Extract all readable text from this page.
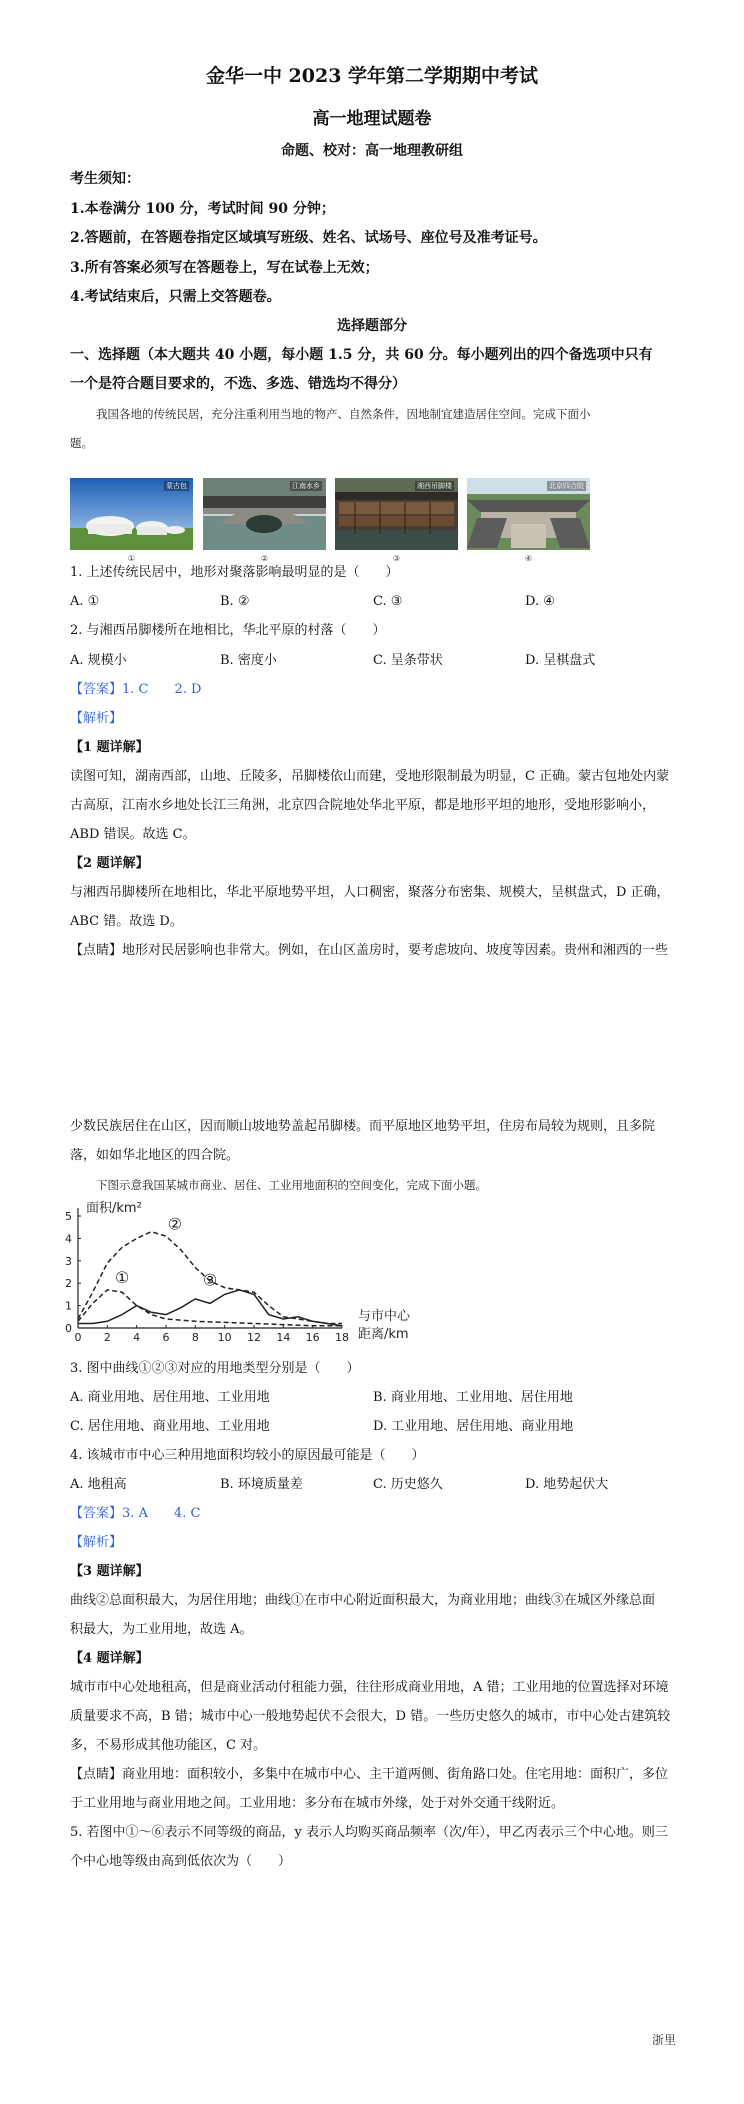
金华一中 2023 学年第二学期期中考试
高一地理试题卷
命题、校对：高一地理教研组
考生须知：
1.本卷满分 100 分，考试时间 90 分钟；
2.答题前，在答题卷指定区域填写班级、姓名、试场号、座位号及准考证号。
3.所有答案必须写在答题卷上，写在试卷上无效；
4.考试结束后，只需上交答题卷。
选择题部分
一、选择题（本大题共 40 小题，每小题 1.5 分，共 60 分。每小题列出的四个备选项中只有
一个是符合题目要求的，不选、多选、错选均不得分）
我国各地的传统民居，充分注重利用当地的物产、自然条件，因地制宜建造居住空间。完成下面小
题。
蒙古包
①
江南水乡
②
湘西吊脚楼
③
北京四合院
④
1. 上述传统民居中，地形对聚落影响最明显的是（　　）
A. ①	B. ②	C. ③	D. ④
2. 与湘西吊脚楼所在地相比，华北平原的村落（　　）
A. 规模小	B. 密度小	C. 呈条带状	D. 呈棋盘式
【答案】1. C　　2. D
【解析】
【1 题详解】
读图可知，湖南西部，山地、丘陵多，吊脚楼依山而建，受地形限制最为明显，C 正确。蒙古包地处内蒙
古高原，江南水乡地处长江三角洲，北京四合院地处华北平原，都是地形平坦的地形，受地形影响小，
ABD 错误。故选 C。
【2 题详解】
与湘西吊脚楼所在地相比，华北平原地势平坦，人口稠密，聚落分布密集、规模大，呈棋盘式，D 正确，
ABC 错。故选 D。
【点睛】地形对民居影响也非常大。例如，在山区盖房时，要考虑坡向、坡度等因素。贵州和湘西的一些
少数民族居住在山区，因而顺山坡地势盖起吊脚楼。而平原地区地势平坦，住房布局较为规则，且多院
落，如如华北地区的四合院。
下图示意我国某城市商业、居住、工业用地面积的空间变化，完成下面小题。
0 2 4 6 8 10 12 14 16 18
0
1
2
3
4
5
①
②
③
面积/km²
与市中心
距离/km
3. 图中曲线①②③对应的用地类型分别是（　　）
A. 商业用地、居住用地、工业用地	B. 商业用地、工业用地、居住用地
C. 居住用地、商业用地、工业用地	D. 工业用地、居住用地、商业用地
4. 该城市市中心三种用地面积均较小的原因最可能是（　　）
A. 地租高	B. 环境质量差	C. 历史悠久	D. 地势起伏大
【答案】3. A　　4. C
【解析】
【3 题详解】
曲线②总面积最大，为居住用地；曲线①在市中心附近面积最大，为商业用地；曲线③在城区外缘总面
积最大，为工业用地，故选 A。
【4 题详解】
城市市中心处地租高，但是商业活动付租能力强，往往形成商业用地，A 错；工业用地的位置选择对环境
质量要求不高，B 错；城市中心一般地势起伏不会很大，D 错。一些历史悠久的城市，市中心处古建筑较
多，不易形成其他功能区，C 对。
【点睛】商业用地：面积较小，多集中在城市中心、主干道两侧、街角路口处。住宅用地：面积广，多位
于工业用地与商业用地之间。工业用地：多分布在城市外缘，处于对外交通干线附近。
5. 若图中①～⑥表示不同等级的商品，y 表示人均购买商品频率（次/年），甲乙丙表示三个中心地。则三
个中心地等级由高到低依次为（　　）
浙里
